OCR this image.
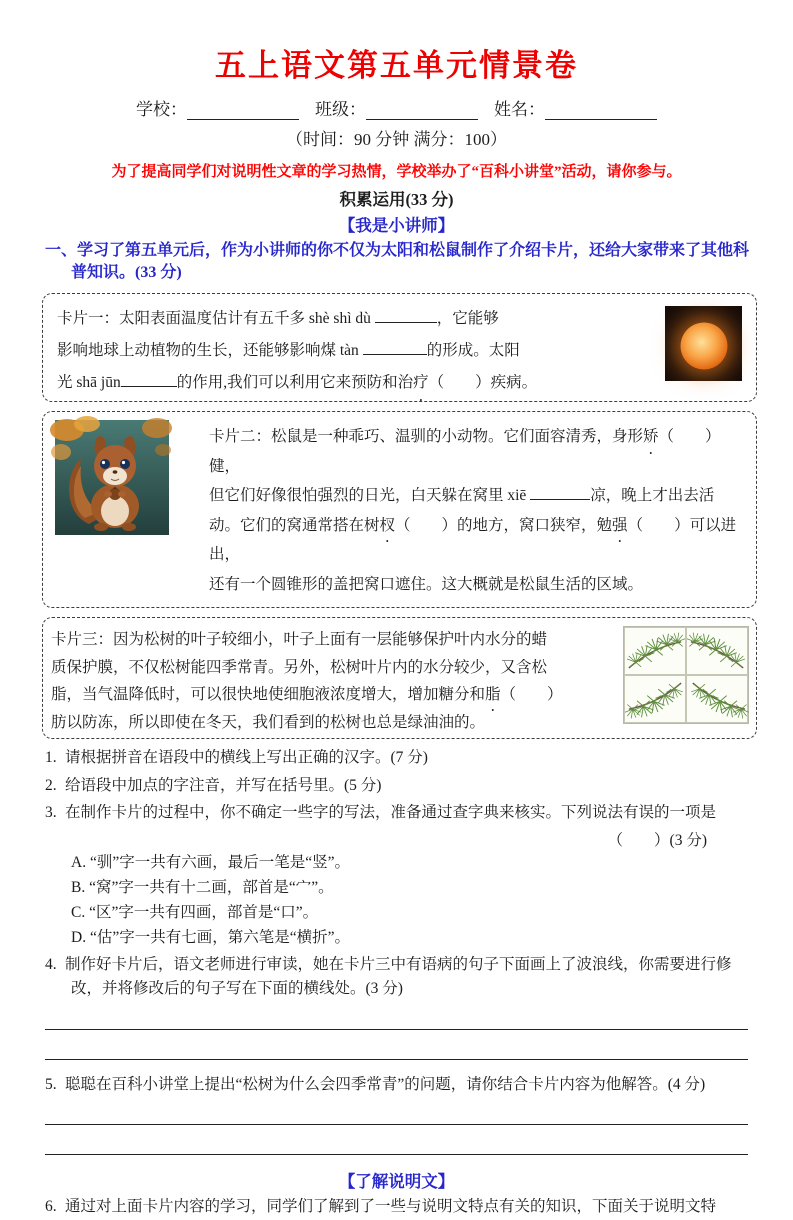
五上语文第五单元情景卷
学校：	班级：	姓名：
（时间：90 分钟 满分：100）
为了提高同学们对说明性文章的学习热情，学校举办了“百科小讲堂”活动，请你参与。
积累运用(33 分)
【我是小讲师】
一、学习了第五单元后，作为小讲师的你不仅为太阳和松鼠制作了介绍卡片，还给大家带来了其他科普知识。(33 分)
卡片一：太阳表面温度估计有五千多 shè shì dù	，它能够
影响地球上动植物的生长，还能够影响煤 tàn	的形成。太阳
光 shā jūn	的作用,我们可以利用它来预防和治疗（　　）疾病。
卡片二：松鼠是一种乖巧、温驯的小动物。它们面容清秀，身形矫（　　）健，
但它们好像很怕强烈的日光，白天躲在窝里 xiē	凉，晚上才出去活
动。它们的窝通常搭在树杈（　　）的地方，窝口狭窄，勉强（　　）可以进出，
还有一个圆锥形的盖把窝口遮住。这大概就是松鼠生活的区域。
卡片三：因为松树的叶子较细小，叶子上面有一层能够保护叶内水分的蜡
质保护膜，不仅松树能四季常青。另外，松树叶片内的水分较少，又含松
脂，当气温降低时，可以很快地使细胞液浓度增大，增加糖分和脂（　　）
肪以防冻，所以即使在冬天，我们看到的松树也总是绿油油的。
1. 请根据拼音在语段中的横线上写出正确的汉字。(7 分)
2. 给语段中加点的字注音，并写在括号里。(5 分)
3. 在制作卡片的过程中，你不确定一些字的写法，准备通过查字典来核实。下列说法有误的一项是
（　　）(3 分)
A. “驯”字一共有六画，最后一笔是“竖”。
B. “窝”字一共有十二画，部首是“宀”。
C. “区”字一共有四画，部首是“口”。
D. “估”字一共有七画，第六笔是“横折”。
4. 制作好卡片后，语文老师进行审读，她在卡片三中有语病的句子下面画上了波浪线，你需要进行修改，并将修改后的句子写在下面的横线处。(3 分)
5. 聪聪在百科小讲堂上提出“松树为什么会四季常青”的问题，请你结合卡片内容为他解答。(4 分)
【了解说明文】
6. 通过对上面卡片内容的学习，同学们了解到了一些与说明文特点有关的知识，下面关于说明文特
